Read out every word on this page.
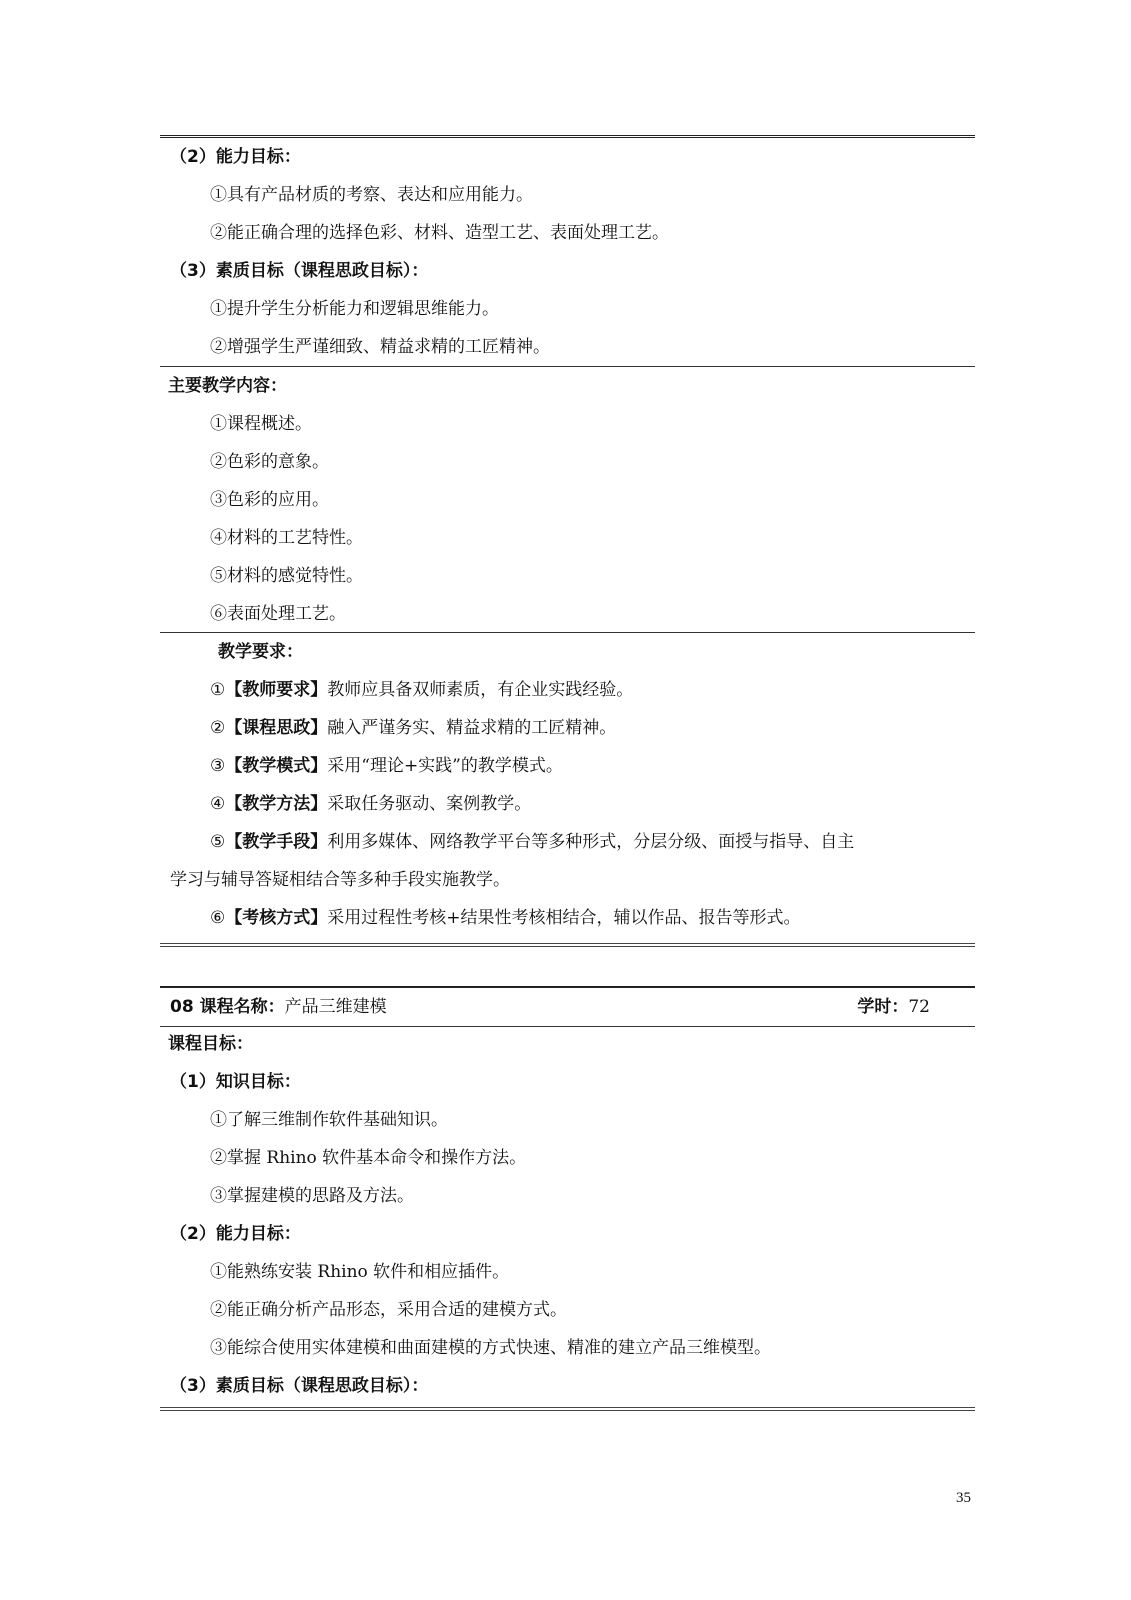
（2）能力目标：
①具有产品材质的考察、表达和应用能力。
②能正确合理的选择色彩、材料、造型工艺、表面处理工艺。
（3）素质目标（课程思政目标）：
①提升学生分析能力和逻辑思维能力。
②增强学生严谨细致、精益求精的工匠精神。
主要教学内容：
①课程概述。
②色彩的意象。
③色彩的应用。
④材料的工艺特性。
⑤材料的感觉特性。
⑥表面处理工艺。
教学要求：
①【教师要求】教师应具备双师素质，有企业实践经验。
②【课程思政】融入严谨务实、精益求精的工匠精神。
③【教学模式】采用“理论+实践”的教学模式。
④【教学方法】采取任务驱动、案例教学。
⑤【教学手段】利用多媒体、网络教学平台等多种形式，分层分级、面授与指导、自主
学习与辅导答疑相结合等多种手段实施教学。
⑥【考核方式】采用过程性考核+结果性考核相结合，辅以作品、报告等形式。
08 课程名称：产品三维建模	学时：72
课程目标：
（1）知识目标：
①了解三维制作软件基础知识。
②掌握 Rhino 软件基本命令和操作方法。
③掌握建模的思路及方法。
（2）能力目标：
①能熟练安装 Rhino 软件和相应插件。
②能正确分析产品形态，采用合适的建模方式。
③能综合使用实体建模和曲面建模的方式快速、精准的建立产品三维模型。
（3）素质目标（课程思政目标）：
35
